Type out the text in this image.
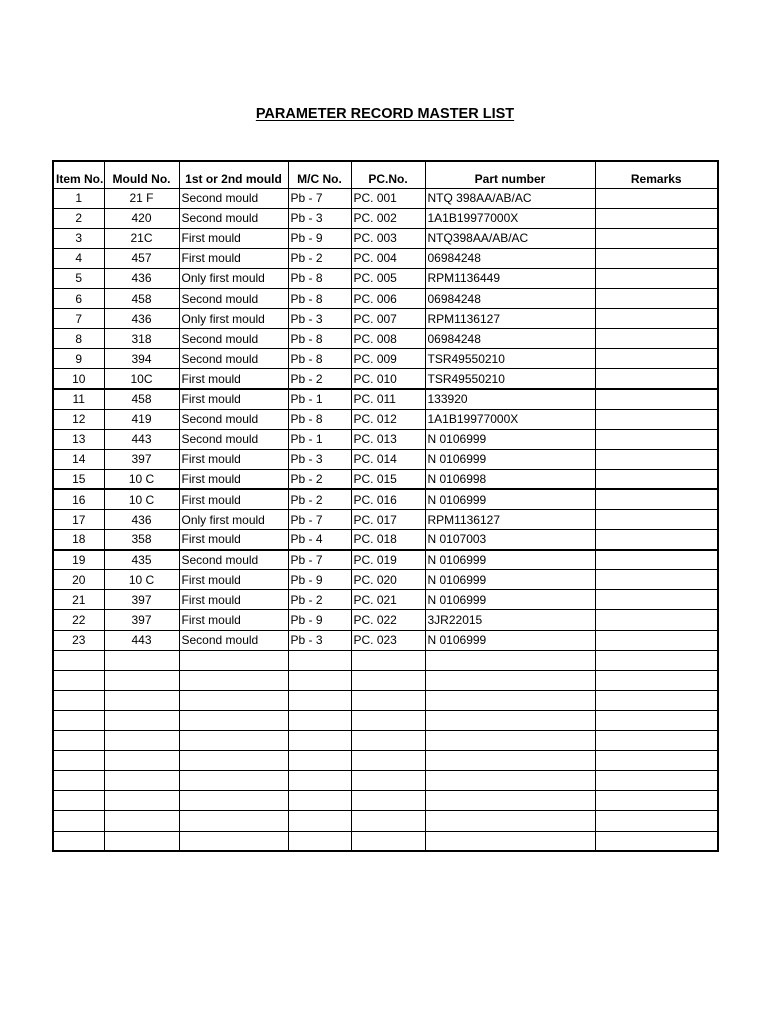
PARAMETER RECORD MASTER LIST
Item No.	Mould No.	1st or 2nd mould	M/C No.	PC.No.	Part number	Remarks
1	21 F	Second mould	Pb - 7	PC. 001	NTQ 398AA/AB/AC	
2	420	Second mould	Pb - 3	PC. 002	1A1B19977000X	
3	21C	First mould	Pb - 9	PC. 003	NTQ398AA/AB/AC	
4	457	First mould	Pb - 2	PC. 004	06984248	
5	436	Only first mould	Pb - 8	PC. 005	RPM1136449	
6	458	Second mould	Pb - 8	PC. 006	06984248	
7	436	Only first mould	Pb - 3	PC. 007	RPM1136127	
8	318	Second mould	Pb - 8	PC. 008	06984248	
9	394	Second mould	Pb - 8	PC. 009	TSR49550210	
10	10C	First mould	Pb - 2	PC. 010	TSR49550210	
11	458	First mould	Pb - 1	PC. 011	133920	
12	419	Second mould	Pb - 8	PC. 012	1A1B19977000X	
13	443	Second mould	Pb - 1	PC. 013	N 0106999	
14	397	First mould	Pb - 3	PC. 014	N 0106999	
15	10 C	First mould	Pb - 2	PC. 015	N 0106998	
16	10 C	First mould	Pb - 2	PC. 016	N 0106999	
17	436	Only first mould	Pb - 7	PC. 017	RPM1136127	
18	358	First mould	Pb - 4	PC. 018	N 0107003	
19	435	Second mould	Pb - 7	PC. 019	N 0106999	
20	10 C	First mould	Pb - 9	PC. 020	N 0106999	
21	397	First mould	Pb - 2	PC. 021	N 0106999	
22	397	First mould	Pb - 9	PC. 022	3JR22015	
23	443	Second mould	Pb - 3	PC. 023	N 0106999	
